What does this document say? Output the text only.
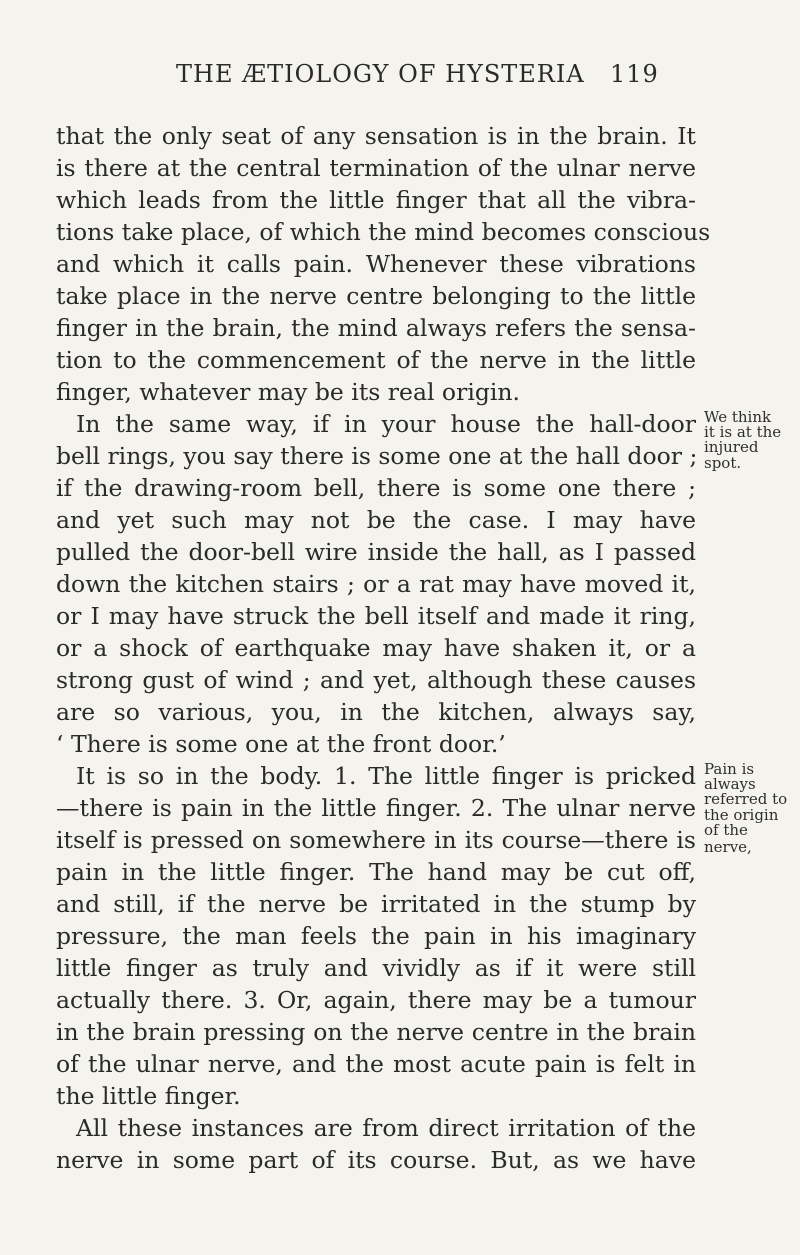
THE ÆTIOLOGY OF HYSTERIA 119
that the only seat of any sensation is in the brain. It
is there at the central termination of the ulnar nerve
which leads from the little finger that all the vibra-
tions take place, of which the mind becomes conscious
and which it calls pain. Whenever these vibrations
take place in the nerve centre belonging to the little
finger in the brain, the mind always refers the sensa-
tion to the commencement of the nerve in the little
finger, whatever may be its real origin.
In the same way, if in your house the hall-door
bell rings, you say there is some one at the hall door ;
if the drawing-room bell, there is some one there ;
and yet such may not be the case. I may have
pulled the door-bell wire inside the hall, as I passed
down the kitchen stairs ; or a rat may have moved it,
or I may have struck the bell itself and made it ring,
or a shock of earthquake may have shaken it, or a
strong gust of wind ; and yet, although these causes
are so various, you, in the kitchen, always say,
‘ There is some one at the front door.’
It is so in the body. 1. The little finger is pricked
—there is pain in the little finger. 2. The ulnar nerve
itself is pressed on somewhere in its course—there is
pain in the little finger. The hand may be cut off,
and still, if the nerve be irritated in the stump by
pressure, the man feels the pain in his imaginary
little finger as truly and vividly as if it were still
actually there. 3. Or, again, there may be a tumour
in the brain pressing on the nerve centre in the brain
of the ulnar nerve, and the most acute pain is felt in
the little finger.
All these instances are from direct irritation of the
nerve in some part of its course. But, as we have
We think
it is at the
injured
spot.
Pain is
always
referred to
the origin
of the
nerve,
